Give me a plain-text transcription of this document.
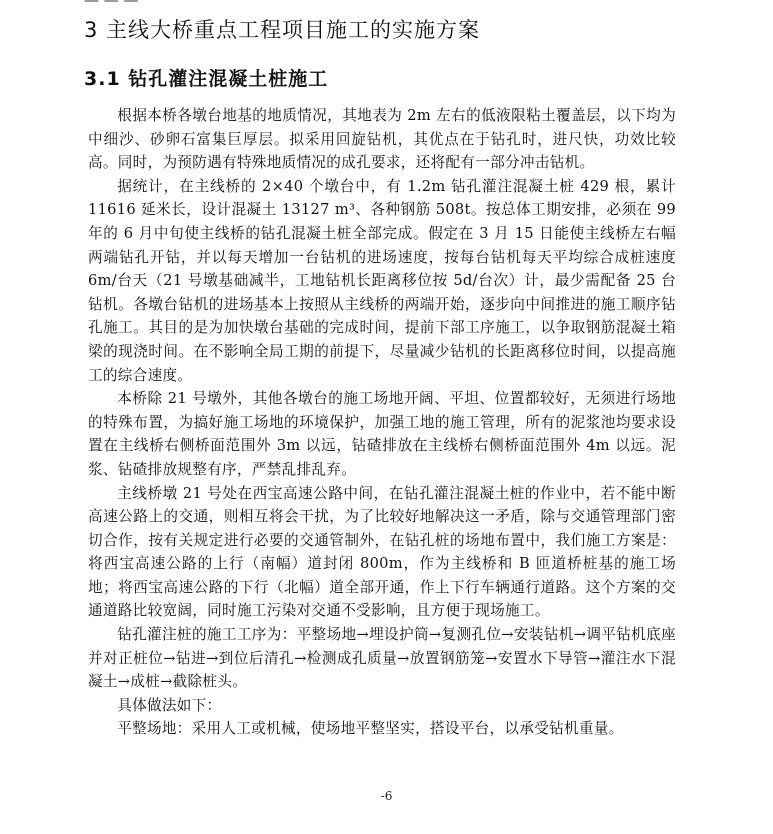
3 主线大桥重点工程项目施工的实施方案
3.1 钻孔灌注混凝土桩施工

根据本桥各墩台地基的地质情况，其地表为 2m 左右的低液限粘土覆盖层，以下均为中细沙、砂卵石富集巨厚层。拟采用回旋钻机，其优点在于钻孔时，进尺快，功效比较高。同时，为预防遇有特殊地质情况的成孔要求，还将配有一部分冲击钻机。

据统计，在主线桥的 2×40 个墩台中，有 1.2m 钻孔灌注混凝土桩 429 根，累计 11616 延米长，设计混凝土 13127 m³、各种钢筋 508t。按总体工期安排，必须在 99 年的 6 月中旬使主线桥的钻孔混凝土桩全部完成。假定在 3 月 15 日能使主线桥左右幅两端钻孔开钻，并以每天增加一台钻机的进场速度，按每台钻机每天平均综合成桩速度 6m/台天（21 号墩基础减半，工地钻机长距离移位按 5d/台次）计，最少需配备 25 台钻机。各墩台钻机的进场基本上按照从主线桥的两端开始，逐步向中间推进的施工顺序钻孔施工。其目的是为加快墩台基础的完成时间，提前下部工序施工，以争取钢筋混凝土箱梁的现浇时间。在不影响全局工期的前提下，尽量减少钻机的长距离移位时间，以提高施工的综合速度。

本桥除 21 号墩外，其他各墩台的施工场地开阔、平坦、位置都较好，无须进行场地的特殊布置，为搞好施工场地的环境保护，加强工地的施工管理，所有的泥浆池均要求设置在主线桥右侧桥面范围外 3m 以远，钻碴排放在主线桥右侧桥面范围外 4m 以远。泥浆、钻碴排放规整有序，严禁乱排乱弃。

主线桥墩 21 号处在西宝高速公路中间，在钻孔灌注混凝土桩的作业中，若不能中断高速公路上的交通，则相互将会干扰，为了比较好地解决这一矛盾，除与交通管理部门密切合作，按有关规定进行必要的交通管制外，在钻孔桩的场地布置中，我们施工方案是：将西宝高速公路的上行（南幅）道封闭 800m，作为主线桥和 B 匝道桥桩基的施工场地；将西宝高速公路的下行（北幅）道全部开通，作上下行车辆通行道路。这个方案的交通道路比较宽阔，同时施工污染对交通不受影响，且方便于现场施工。

钻孔灌注桩的施工工序为：平整场地→埋设护筒→复测孔位→安装钻机→调平钻机底座并对正桩位→钻进→到位后清孔→检测成孔质量→放置钢筋笼→安置水下导管→灌注水下混凝土→成桩→截除桩头。

具体做法如下：

平整场地：采用人工或机械，使场地平整坚实，搭设平台，以承受钻机重量。

-6
